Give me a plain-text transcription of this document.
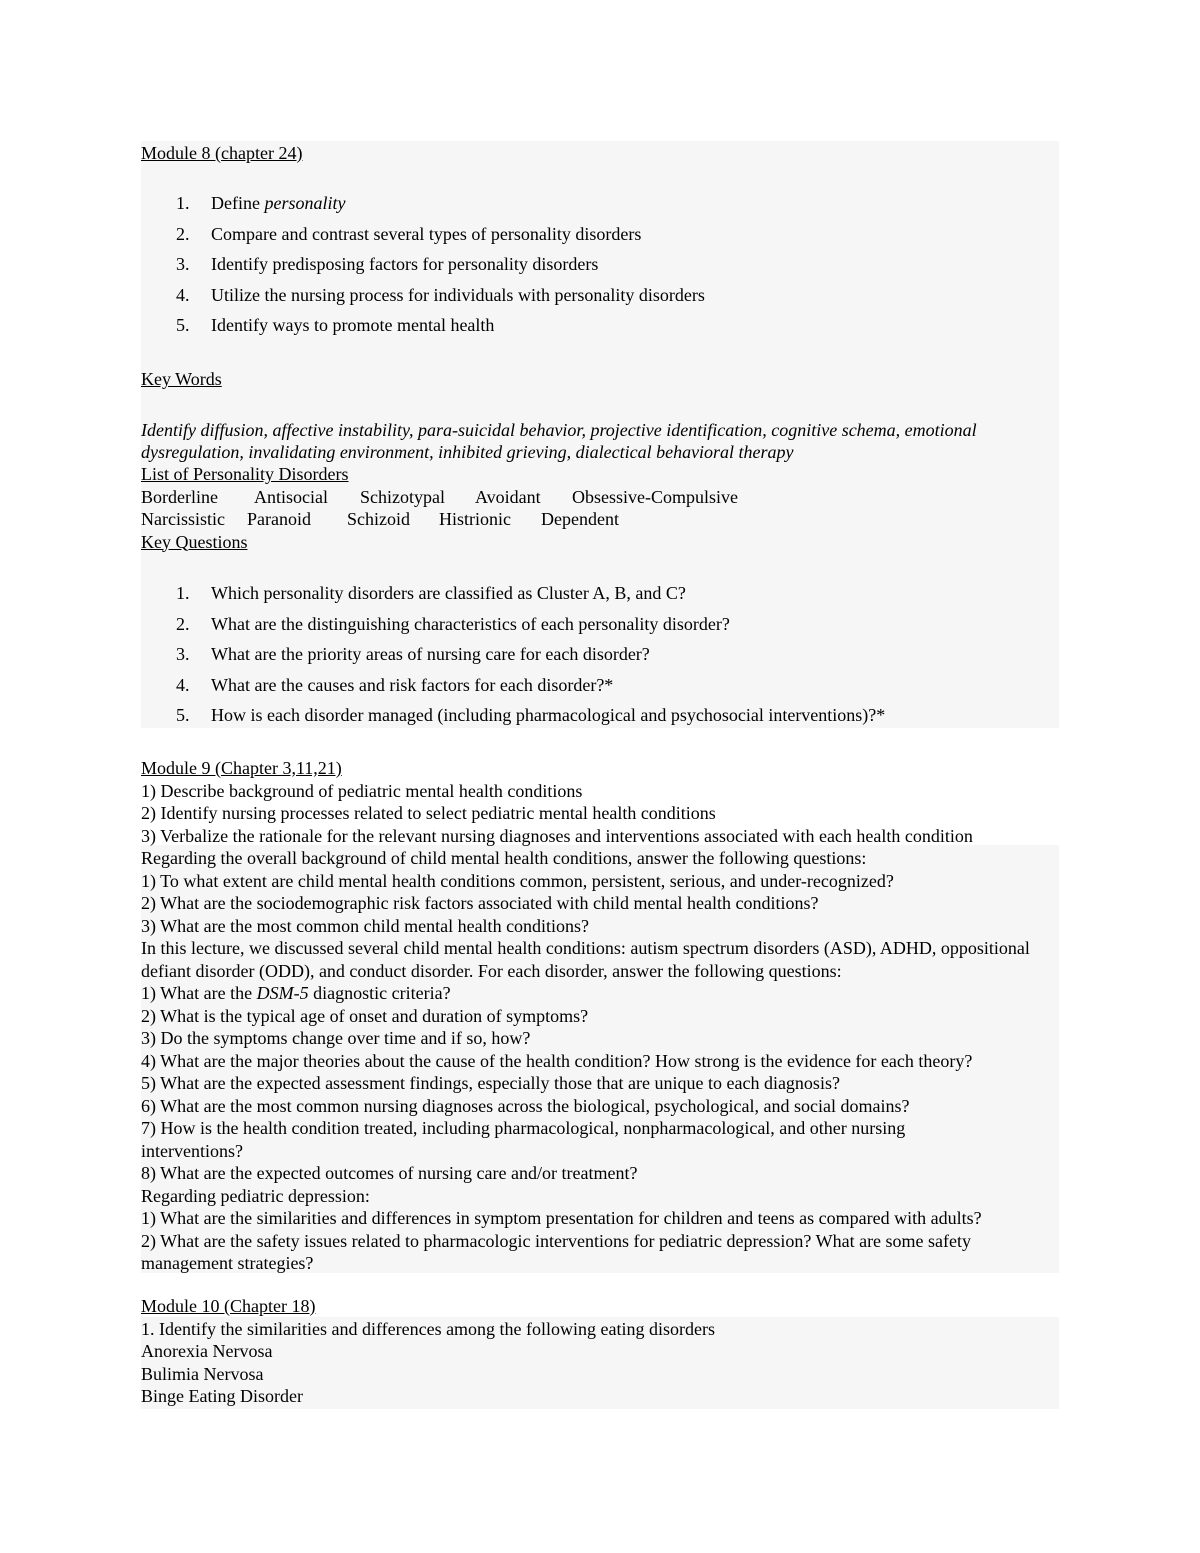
Module 8 (chapter 24)

1. Define personality
2. Compare and contrast several types of personality disorders
3. Identify predisposing factors for personality disorders
4. Utilize the nursing process for individuals with personality disorders
5. Identify ways to promote mental health

Key Words

Identify diffusion, affective instability, para-suicidal behavior, projective identification, cognitive schema, emotional dysregulation, invalidating environment, inhibited grieving, dialectical behavioral therapy

List of Personality Disorders

Borderline	Antisocial	Schizotypal	Avoidant	Obsessive-Compulsive
Narcissistic	Paranoid	Schizoid	Histrionic	Dependent

Key Questions

1. Which personality disorders are classified as Cluster A, B, and C?
2. What are the distinguishing characteristics of each personality disorder?
3. What are the priority areas of nursing care for each disorder?
4. What are the causes and risk factors for each disorder?*
5. How is each disorder managed (including pharmacological and psychosocial interventions)?*

Module 9 (Chapter 3,11,21)

1) Describe background of pediatric mental health conditions
2) Identify nursing processes related to select pediatric mental health conditions
3) Verbalize the rationale for the relevant nursing diagnoses and interventions associated with each health condition
Regarding the overall background of child mental health conditions, answer the following questions:
1) To what extent are child mental health conditions common, persistent, serious, and under-recognized?
2) What are the sociodemographic risk factors associated with child mental health conditions?
3) What are the most common child mental health conditions?
In this lecture, we discussed several child mental health conditions: autism spectrum disorders (ASD), ADHD, oppositional defiant disorder (ODD), and conduct disorder. For each disorder, answer the following questions:
1) What are the DSM-5 diagnostic criteria?
2) What is the typical age of onset and duration of symptoms?
3) Do the symptoms change over time and if so, how?
4) What are the major theories about the cause of the health condition? How strong is the evidence for each theory?
5) What are the expected assessment findings, especially those that are unique to each diagnosis?
6) What are the most common nursing diagnoses across the biological, psychological, and social domains?
7) How is the health condition treated, including pharmacological, nonpharmacological, and other nursing interventions?
8) What are the expected outcomes of nursing care and/or treatment?
Regarding pediatric depression:
1) What are the similarities and differences in symptom presentation for children and teens as compared with adults?
2) What are the safety issues related to pharmacologic interventions for pediatric depression? What are some safety management strategies?

Module 10 (Chapter 18)

1. Identify the similarities and differences among the following eating disorders
Anorexia Nervosa
Bulimia Nervosa
Binge Eating Disorder
